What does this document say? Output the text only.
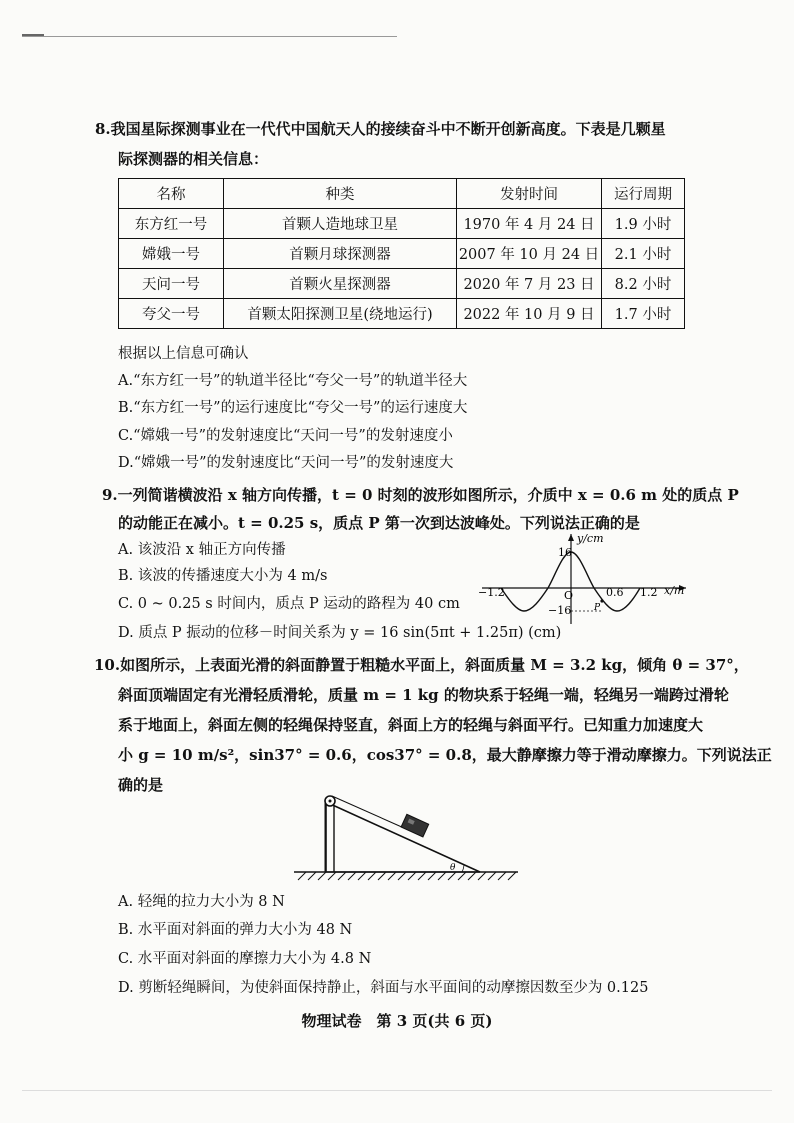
8.我国星际探测事业在一代代中国航天人的接续奋斗中不断开创新高度。下表是几颗星
际探测器的相关信息：
名称	种类	发射时间	运行周期
东方红一号	首颗人造地球卫星	1970 年 4 月 24 日	1.9 小时
嫦娥一号	首颗月球探测器	2007 年 10 月 24 日	2.1 小时
天问一号	首颗火星探测器	2020 年 7 月 23 日	8.2 小时
夸父一号	首颗太阳探测卫星(绕地运行)	2022 年 10 月 9 日	1.7 小时
根据以上信息可确认
A.“东方红一号”的轨道半径比“夸父一号”的轨道半径大
B.“东方红一号”的运行速度比“夸父一号”的运行速度大
C.“嫦娥一号”的发射速度比“天问一号”的发射速度小
D.“嫦娥一号”的发射速度比“天问一号”的发射速度大
9.一列简谐横波沿 x 轴方向传播，t = 0 时刻的波形如图所示，介质中 x = 0.6 m 处的质点 P
的动能正在减小。t = 0.25 s，质点 P 第一次到达波峰处。下列说法正确的是
A. 该波沿 x 轴正方向传播
B. 该波的传播速度大小为 4 m/s
C. 0 ~ 0.25 s 时间内，质点 P 运动的路程为 40 cm
D. 质点 P 振动的位移－时间关系为 y = 16 sin(5πt + 1.25π) (cm)
y/cm
x/m
16
−16
O
−1.2	0.6 1.2
P
10.如图所示，上表面光滑的斜面静置于粗糙水平面上，斜面质量 M = 3.2 kg，倾角 θ = 37°，
斜面顶端固定有光滑轻质滑轮，质量 m = 1 kg 的物块系于轻绳一端，轻绳另一端跨过滑轮
系于地面上，斜面左侧的轻绳保持竖直，斜面上方的轻绳与斜面平行。已知重力加速度大
小 g = 10 m/s²，sin37° = 0.6，cos37° = 0.8，最大静摩擦力等于滑动摩擦力。下列说法正
确的是
θ
A. 轻绳的拉力大小为 8 N
B. 水平面对斜面的弹力大小为 48 N
C. 水平面对斜面的摩擦力大小为 4.8 N
D. 剪断轻绳瞬间，为使斜面保持静止，斜面与水平面间的动摩擦因数至少为 0.125
物理试卷　第 3 页(共 6 页)
